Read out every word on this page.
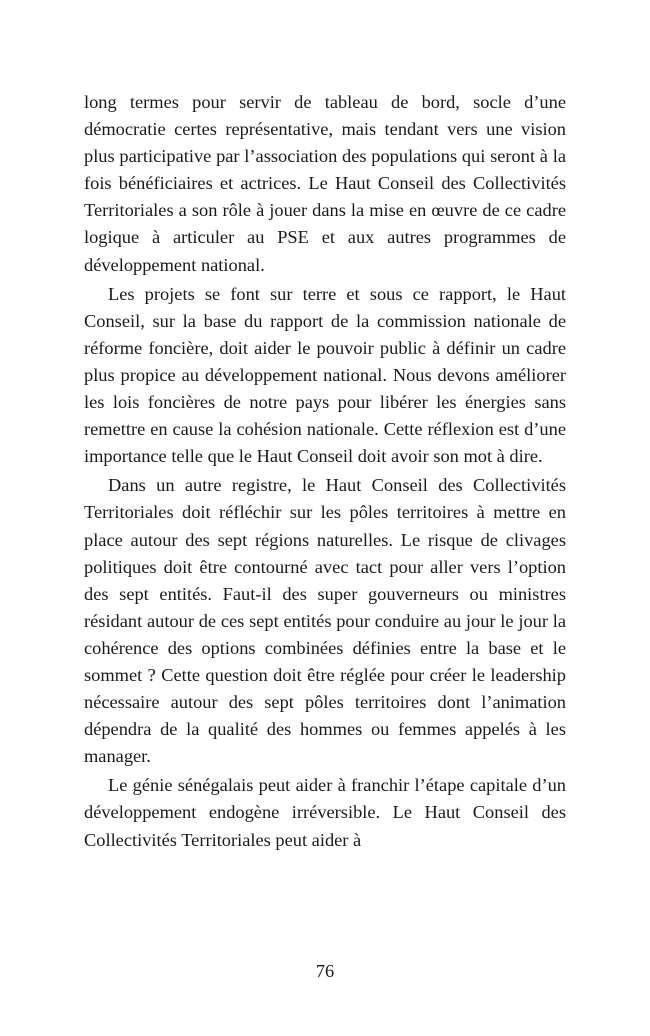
long termes pour servir de tableau de bord, socle d’une démocratie certes représentative, mais tendant vers une vision plus participative par l’association des populations qui seront à la fois bénéficiaires et actrices. Le Haut Conseil des Collectivités Territoriales a son rôle à jouer dans la mise en œuvre de ce cadre logique à articuler au PSE et aux autres programmes de développement national.

Les projets se font sur terre et sous ce rapport, le Haut Conseil, sur la base du rapport de la commission nationale de réforme foncière, doit aider le pouvoir public à définir un cadre plus propice au développement national. Nous devons améliorer les lois foncières de notre pays pour libérer les énergies sans remettre en cause la cohésion nationale. Cette réflexion est d’une importance telle que le Haut Conseil doit avoir son mot à dire.

Dans un autre registre, le Haut Conseil des Collectivités Territoriales doit réfléchir sur les pôles territoires à mettre en place autour des sept régions naturelles. Le risque de clivages politiques doit être contourné avec tact pour aller vers l’option des sept entités. Faut-il des super gouverneurs ou ministres résidant autour de ces sept entités pour conduire au jour le jour la cohérence des options combinées définies entre la base et le sommet ? Cette question doit être réglée pour créer le leadership nécessaire autour des sept pôles territoires dont l’animation dépendra de la qualité des hommes ou femmes appelés à les manager.

Le génie sénégalais peut aider à franchir l’étape capitale d’un développement endogène irréversible. Le Haut Conseil des Collectivités Territoriales peut aider à

76
